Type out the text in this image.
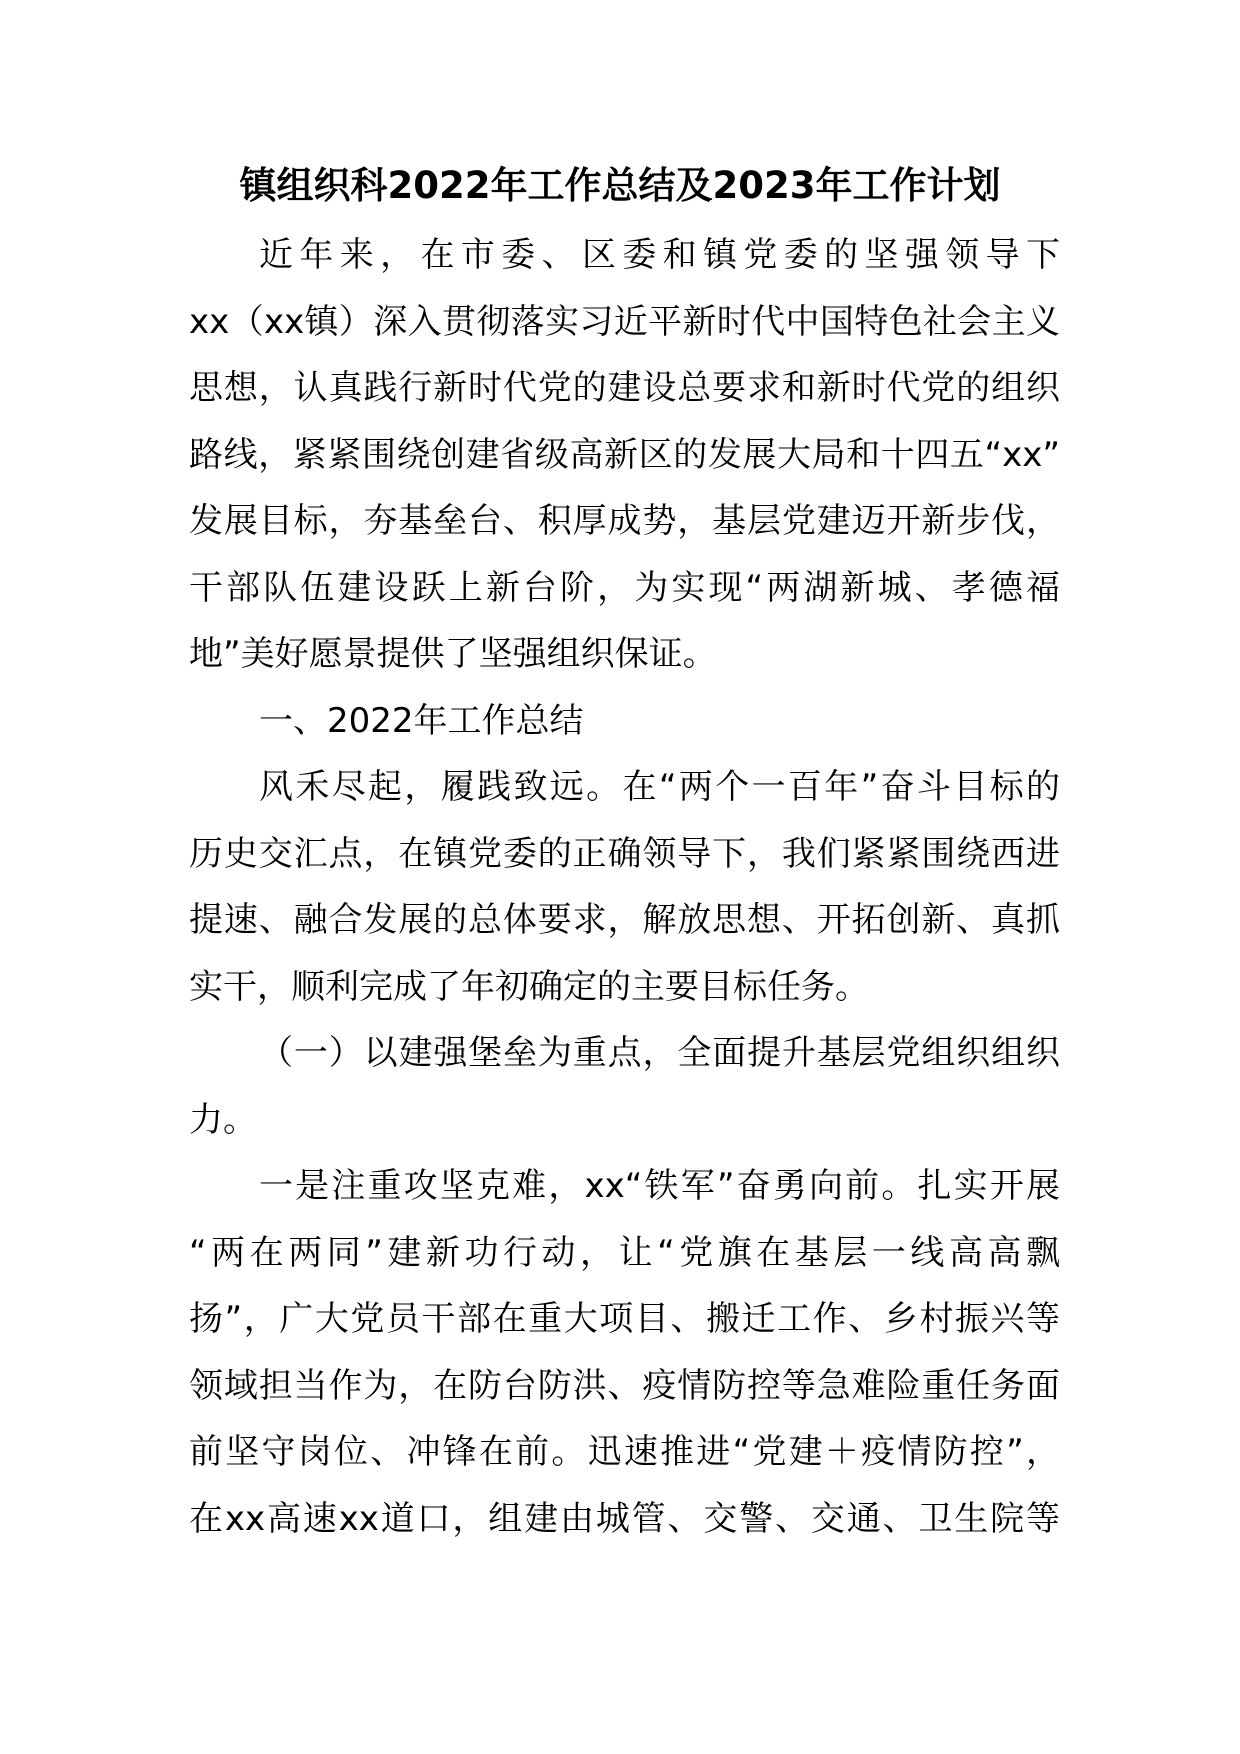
镇组织科2022年工作总结及2023年工作计划
近年来，在市委、区委和镇党委的坚强领导下
xx（xx镇）深入贯彻落实习近平新时代中国特色社会主义
思想，认真践行新时代党的建设总要求和新时代党的组织
路线，紧紧围绕创建省级高新区的发展大局和十四五“xx”
发展目标，夯基垒台、积厚成势，基层党建迈开新步伐，
干部队伍建设跃上新台阶，为实现“两湖新城、孝德福
地”美好愿景提供了坚强组织保证。
一、2022年工作总结
风禾尽起，履践致远。在“两个一百年”奋斗目标的
历史交汇点，在镇党委的正确领导下，我们紧紧围绕西进
提速、融合发展的总体要求，解放思想、开拓创新、真抓
实干，顺利完成了年初确定的主要目标任务。
（一）以建强堡垒为重点，全面提升基层党组织组织
力。
一是注重攻坚克难，xx“铁军”奋勇向前。扎实开展
“两在两同”建新功行动，让“党旗在基层一线高高飘
扬”，广大党员干部在重大项目、搬迁工作、乡村振兴等
领域担当作为，在防台防洪、疫情防控等急难险重任务面
前坚守岗位、冲锋在前。迅速推进“党建＋疫情防控”，
在xx高速xx道口，组建由城管、交警、交通、卫生院等
